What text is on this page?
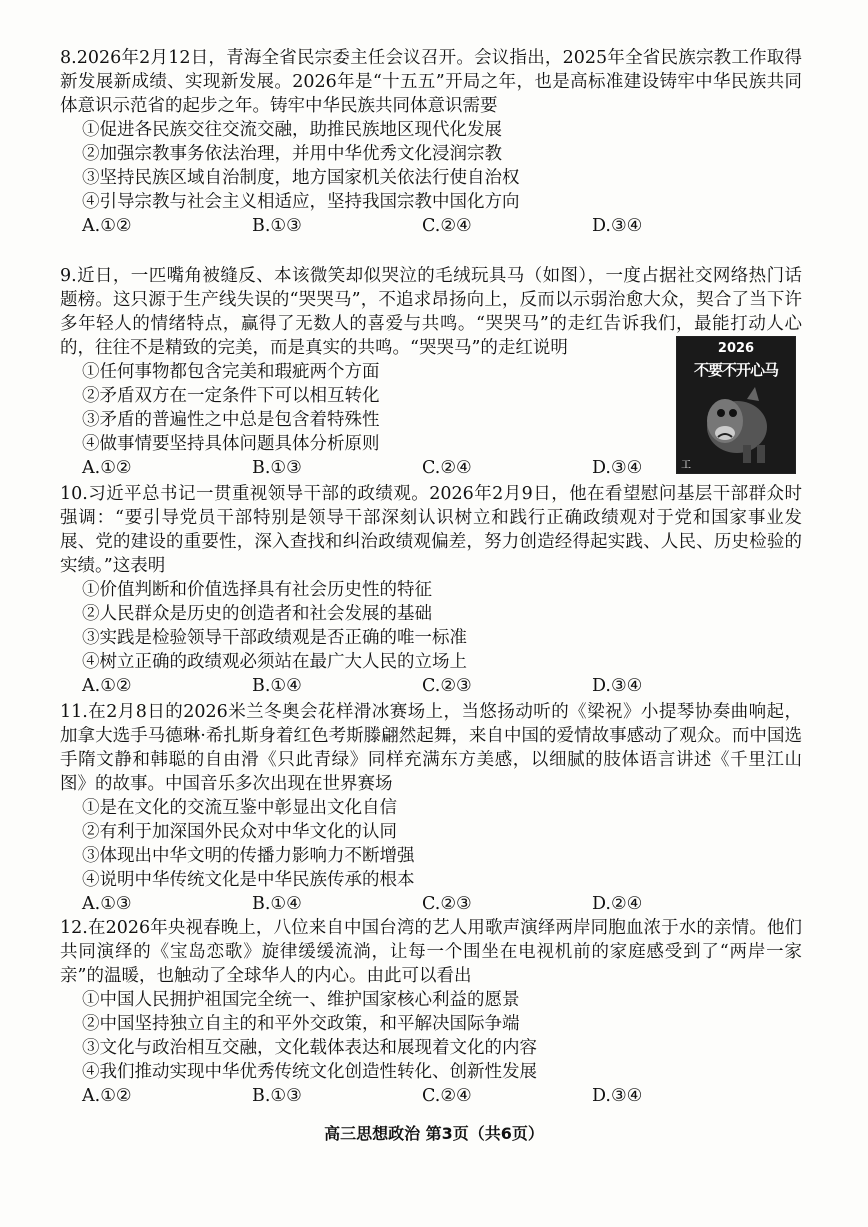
8.2026年2月12日，青海全省民宗委主任会议召开。会议指出，2025年全省民族宗教工作取得新发展新成绩、实现新发展。2026年是“十五五”开局之年，也是高标准建设铸牢中华民族共同体意识示范省的起步之年。铸牢中华民族共同体意识需要
①促进各民族交往交流交融，助推民族地区现代化发展
②加强宗教事务依法治理，并用中华优秀文化浸润宗教
③坚持民族区域自治制度，地方国家机关依法行使自治权
④引导宗教与社会主义相适应，坚持我国宗教中国化方向
A.①②	B.①③	C.②④	D.③④
9.近日，一匹嘴角被缝反、本该微笑却似哭泣的毛绒玩具马（如图），一度占据社交网络热门话题榜。这只源于生产线失误的“哭哭马”，不追求昂扬向上，反而以示弱治愈大众，契合了当下许多年轻人的情绪特点，赢得了无数人的喜爱与共鸣。“哭哭马”的走红告诉我们，最能打动人心的，往往不是精致的完美，而是真实的共鸣。“哭哭马”的走红说明
①任何事物都包含完美和瑕疵两个方面
②矛盾双方在一定条件下可以相互转化
③矛盾的普遍性之中总是包含着特殊性
④做事情要坚持具体问题具体分析原则
A.①②	B.①③	C.②④	D.③④
2026
不要不开心马
工
10.习近平总书记一贯重视领导干部的政绩观。2026年2月9日，他在看望慰问基层干部群众时强调：“要引导党员干部特别是领导干部深刻认识树立和践行正确政绩观对于党和国家事业发展、党的建设的重要性，深入查找和纠治政绩观偏差，努力创造经得起实践、人民、历史检验的实绩。”这表明
①价值判断和价值选择具有社会历史性的特征
②人民群众是历史的创造者和社会发展的基础
③实践是检验领导干部政绩观是否正确的唯一标准
④树立正确的政绩观必须站在最广大人民的立场上
A.①②	B.①④	C.②③	D.③④
11.在2月8日的2026米兰冬奥会花样滑冰赛场上，当悠扬动听的《梁祝》小提琴协奏曲响起，加拿大选手马德琳·希扎斯身着红色考斯滕翩然起舞，来自中国的爱情故事感动了观众。而中国选手隋文静和韩聪的自由滑《只此青绿》同样充满东方美感，以细腻的肢体语言讲述《千里江山图》的故事。中国音乐多次出现在世界赛场
①是在文化的交流互鉴中彰显出文化自信
②有利于加深国外民众对中华文化的认同
③体现出中华文明的传播力影响力不断增强
④说明中华传统文化是中华民族传承的根本
A.①③	B.①④	C.②③	D.②④
12.在2026年央视春晚上，八位来自中国台湾的艺人用歌声演绎两岸同胞血浓于水的亲情。他们共同演绎的《宝岛恋歌》旋律缓缓流淌，让每一个围坐在电视机前的家庭感受到了“两岸一家亲”的温暖，也触动了全球华人的内心。由此可以看出
①中国人民拥护祖国完全统一、维护国家核心利益的愿景
②中国坚持独立自主的和平外交政策，和平解决国际争端
③文化与政治相互交融，文化载体表达和展现着文化的内容
④我们推动实现中华优秀传统文化创造性转化、创新性发展
A.①②	B.①③	C.②④	D.③④
高三思想政治 第3页（共6页）
